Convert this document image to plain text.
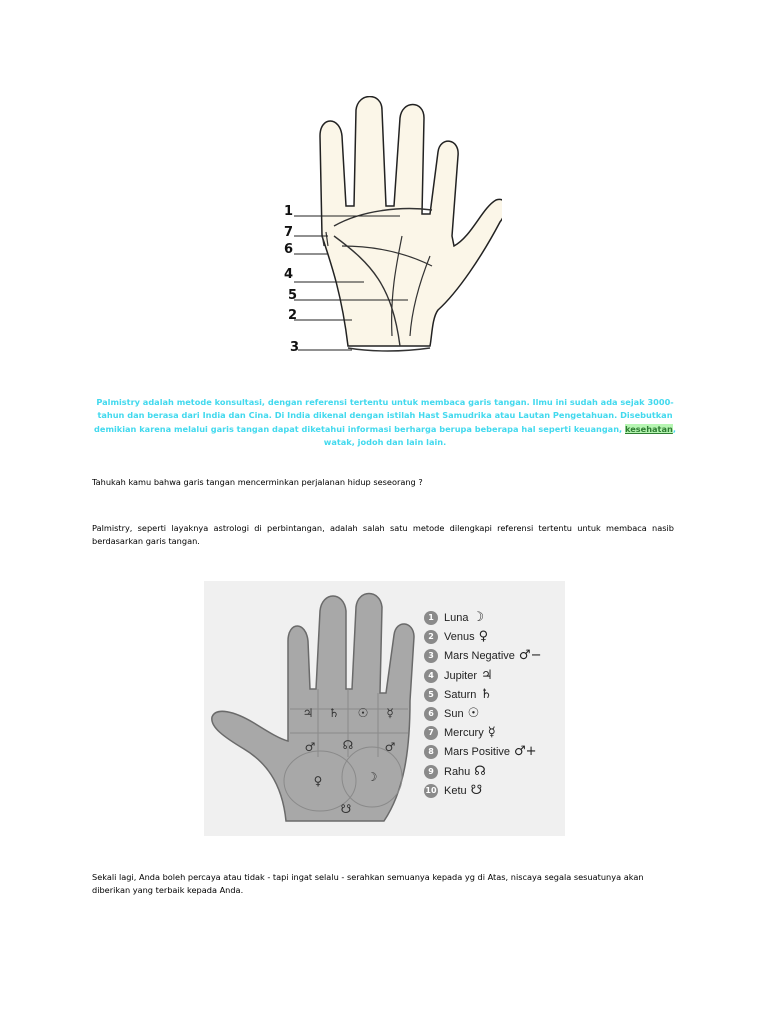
1
7
6
4
5
2
3
Palmistry adalah metode konsultasi, dengan referensi tertentu untuk membaca garis tangan. Ilmu ini sudah ada sejak 3000-tahun dan berasa dari India dan Cina. Di India dikenal dengan istilah Hast Samudrika atau Lautan Pengetahuan. Disebutkan demikian karena melalui garis tangan dapat diketahui informasi berharga berupa beberapa hal seperti keuangan, kesehatan, watak, jodoh dan lain lain.
Tahukah kamu bahwa garis tangan mencerminkan perjalanan hidup seseorang ?
Palmistry, seperti layaknya astrologi di perbintangan, adalah salah satu metode dilengkapi referensi tertentu untuk membaca nasib berdasarkan garis tangan.
♃ ♄ ☉ ☿
♂ ☊	♂
♀	☽
☋
1 Luna ☽
2 Venus ♀
3 Mars Negative ♂−
4 Jupiter ♃
5 Saturn ♄
6 Sun ☉
7 Mercury ☿
8 Mars Positive ♂+
9 Rahu ☊
10 Ketu ☋
Sekali lagi, Anda boleh percaya atau tidak - tapi ingat selalu - serahkan semuanya kepada yg di Atas, niscaya segala sesuatunya akan diberikan yang terbaik kepada Anda.
